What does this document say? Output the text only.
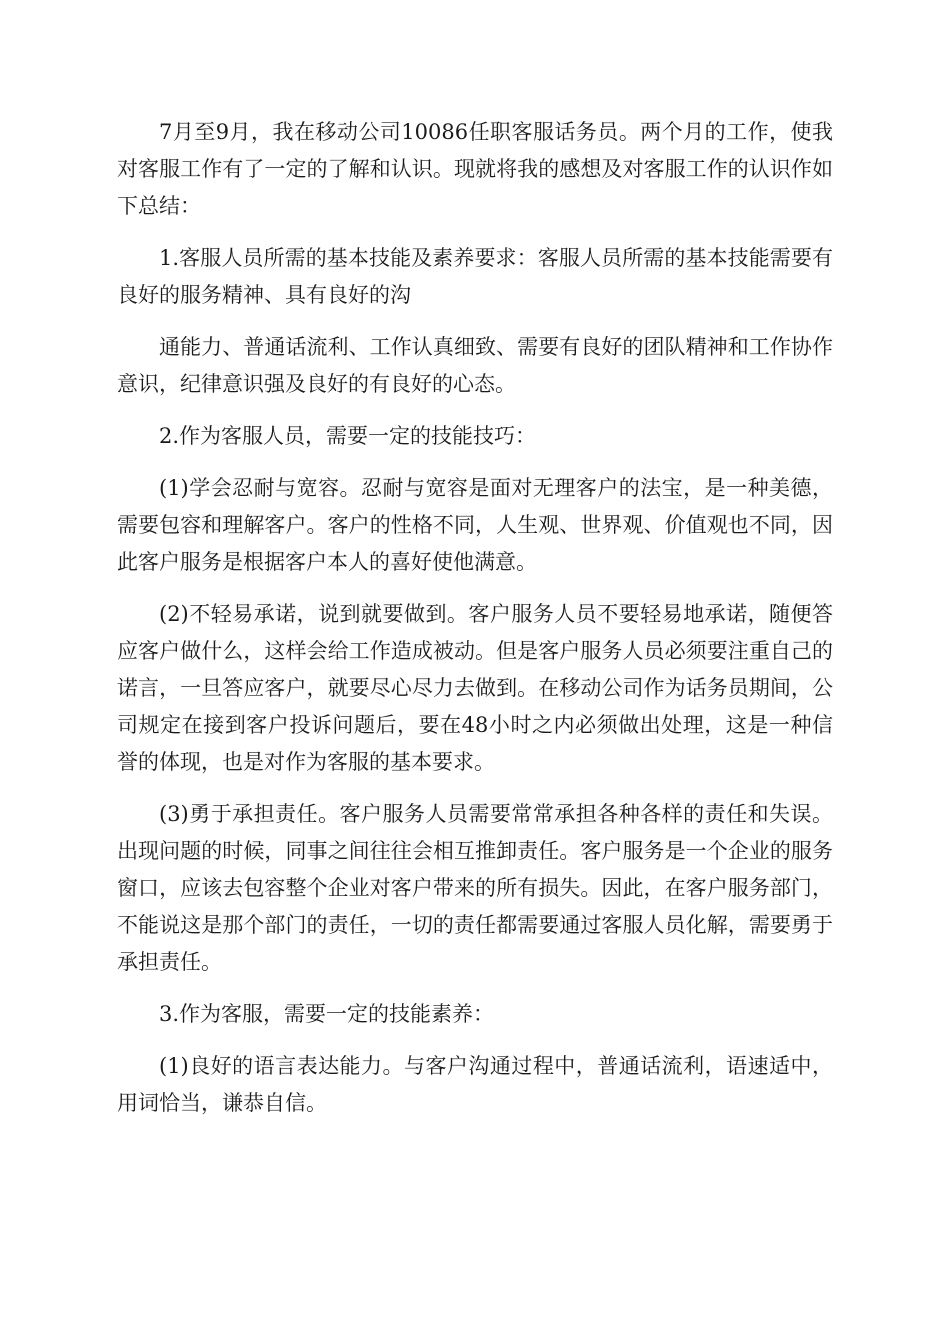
7月至9月，我在移动公司10086任职客服话务员。两个月的工作，使我对客服工作有了一定的了解和认识。现就将我的感想及对客服工作的认识作如下总结：

1.客服人员所需的基本技能及素养要求：客服人员所需的基本技能需要有良好的服务精神、具有良好的沟

通能力、普通话流利、工作认真细致、需要有良好的团队精神和工作协作意识，纪律意识强及良好的有良好的心态。

2.作为客服人员，需要一定的技能技巧：

(1)学会忍耐与宽容。忍耐与宽容是面对无理客户的法宝，是一种美德，需要包容和理解客户。客户的性格不同，人生观、世界观、价值观也不同，因此客户服务是根据客户本人的喜好使他满意。

(2)不轻易承诺，说到就要做到。客户服务人员不要轻易地承诺，随便答应客户做什么，这样会给工作造成被动。但是客户服务人员必须要注重自己的诺言，一旦答应客户，就要尽心尽力去做到。在移动公司作为话务员期间，公司规定在接到客户投诉问题后，要在48小时之内必须做出处理，这是一种信誉的体现，也是对作为客服的基本要求。

(3)勇于承担责任。客户服务人员需要常常承担各种各样的责任和失误。出现问题的时候，同事之间往往会相互推卸责任。客户服务是一个企业的服务窗口，应该去包容整个企业对客户带来的所有损失。因此，在客户服务部门，不能说这是那个部门的责任，一切的责任都需要通过客服人员化解，需要勇于承担责任。

3.作为客服，需要一定的技能素养：

(1)良好的语言表达能力。与客户沟通过程中，普通话流利，语速适中，用词恰当，谦恭自信。
